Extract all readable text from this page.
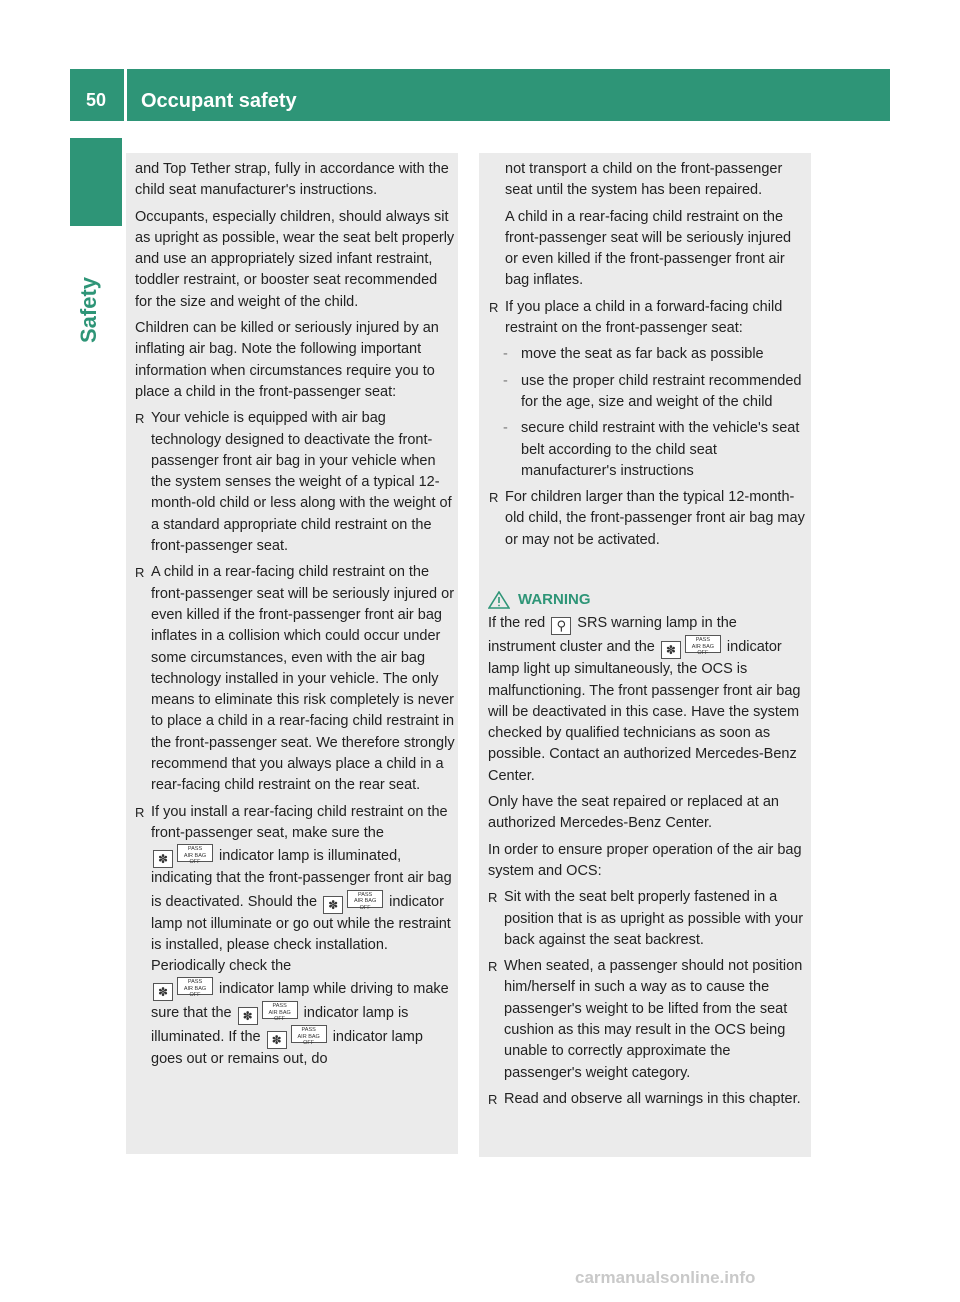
50 Occupant safety
Safety

and Top Tether strap, fully in accordance with the child seat manufacturer's instructions.

Occupants, especially children, should always sit as upright as possible, wear the seat belt properly and use an appropriately sized infant restraint, toddler restraint, or booster seat recommended for the size and weight of the child.

Children can be killed or seriously injured by an inflating air bag. Note the following important information when circumstances require you to place a child in the front-passenger seat:

R Your vehicle is equipped with air bag technology designed to deactivate the front-passenger front air bag in your vehicle when the system senses the weight of a typical 12-month-old child or less along with the weight of a standard appropriate child restraint on the front-passenger seat.
R A child in a rear-facing child restraint on the front-passenger seat will be seriously injured or even killed if the front-passenger front air bag inflates in a collision which could occur under some circumstances, even with the air bag technology installed in your vehicle. The only means to eliminate this risk completely is never to place a child in a rear-facing child restraint in the front-passenger seat. We therefore strongly recommend that you always place a child in a rear-facing child restraint on the rear seat.
R If you install a rear-facing child restraint on the front-passenger seat, make sure the
✽PASS
AIR BAG OFF indicator lamp is illuminated, indicating that the front-passenger front air bag is deactivated. Should the ✽PASS
AIR BAG OFF indicator lamp not illuminate or go out while the restraint is installed, please check installation. Periodically check the
✽PASS
AIR BAG OFF indicator lamp while driving to make sure that the ✽PASS
AIR BAG OFF indicator lamp is illuminated. If the ✽PASS
AIR BAG OFF indicator lamp goes out or remains out, do

not transport a child on the front-passenger seat until the system has been repaired.

A child in a rear-facing child restraint on the front-passenger seat will be seriously injured or even killed if the front-passenger front air bag inflates.

R If you place a child in a forward-facing child restraint on the front-passenger seat:
- move the seat as far back as possible
- use the proper child restraint recommended for the age, size and weight of the child
- secure child restraint with the vehicle's seat belt according to the child seat manufacturer's instructions
R For children larger than the typical 12-month-old child, the front-passenger front air bag may or may not be activated.
WARNING

If the red ⚲ SRS warning lamp in the instrument cluster and the ✽PASS
AIR BAG OFF indicator lamp light up simultaneously, the OCS is malfunctioning. The front passenger front air bag will be deactivated in this case. Have the system checked by qualified technicians as soon as possible. Contact an authorized Mercedes-Benz Center.

Only have the seat repaired or replaced at an authorized Mercedes-Benz Center.

In order to ensure proper operation of the air bag system and OCS:

R Sit with the seat belt properly fastened in a position that is as upright as possible with your back against the seat backrest.
R When seated, a passenger should not position him/herself in such a way as to cause the passenger's weight to be lifted from the seat cushion as this may result in the OCS being unable to correctly approximate the passenger's weight category.
R Read and observe all warnings in this chapter.
carmanualsonline.info
